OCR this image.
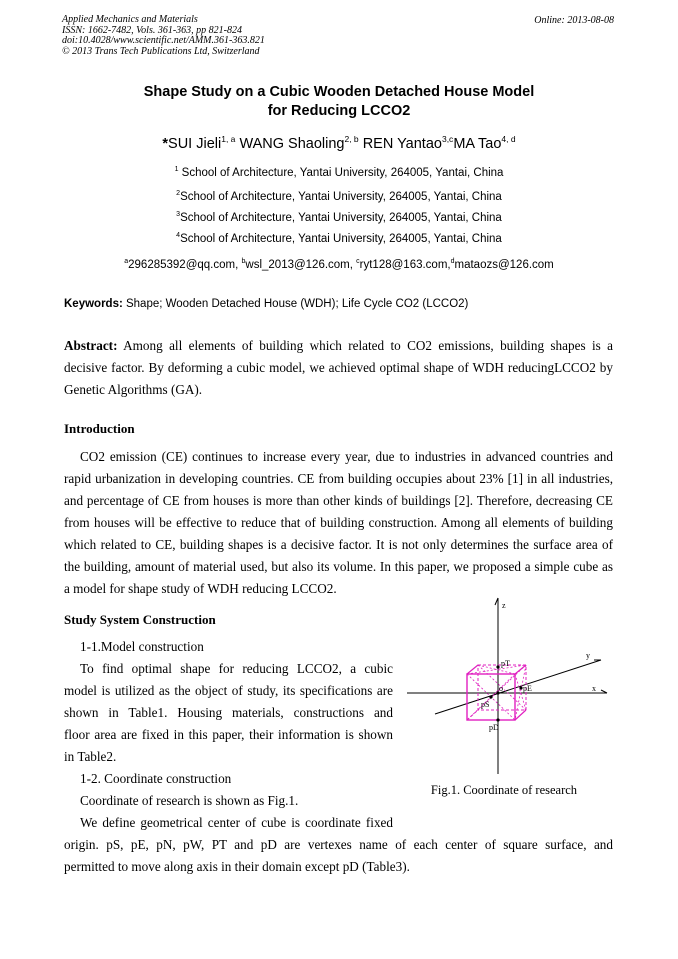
Applied Mechanics and Materials
ISSN: 1662-7482, Vols. 361-363, pp 821-824
doi:10.4028/www.scientific.net/AMM.361-363.821
© 2013 Trans Tech Publications Ltd, Switzerland
Online: 2013-08-08
Shape Study on a Cubic Wooden Detached House Model
for Reducing LCCO2
*SUI Jieli$^{1, a}$ WANG Shaoling$^{2, b}$ REN Yantao$^{3,c}$MA Tao$^{4, d}$
$^1$ School of Architecture, Yantai University, 264005, Yantai, China
$^2$School of Architecture, Yantai University, 264005, Yantai, China
$^3$School of Architecture, Yantai University, 264005, Yantai, China
$^4$School of Architecture, Yantai University, 264005, Yantai, China
$^a$296285392@qq.com, $^b$wsl_2013@126.com, $^c$ryt128@163.com,$^d$mataozs@126.com
Keywords: Shape; Wooden Detached House (WDH); Life Cycle CO2 (LCCO2)
Abstract: Among all elements of building which related to CO2 emissions, building shapes is a decisive factor. By deforming a cubic model, we achieved optimal shape of WDH reducingLCCO2 by Genetic Algorithms (GA).
Introduction

CO2 emission (CE) continues to increase every year, due to industries in advanced countries and rapid urbanization in developing countries. CE from building occupies about 23% [1] in all industries, and percentage of CE from houses is more than other kinds of buildings [2]. Therefore, decreasing CE from houses will be effective to reduce that of building construction. Among all elements of building which related to CE, building shapes is a decisive factor. It is not only determines the surface area of the building, amount of material used, but also its volume. In this paper, we proposed a simple cube as a model for shape study of WDH reducing LCCO2.

Study System Construction
1-1.Model construction
To find optimal shape for reducing LCCO2, a cubic
model is utilized as the object of study, its specifications are
shown in Table1. Housing materials, constructions and
floor area are fixed in this paper, their information is shown
in Table2.
1-2. Coordinate construction
Coordinate of research is shown as Fig.1.
We define geometrical center of cube is coordinate fixed
origin. pS, pE, pN, pW, PT and pD are vertexes name of each center of square surface, and
permitted to move along axis in their domain except pD (Table3).
z
y
x
pT
pE
o
pS
pD
Fig.1. Coordinate of research
